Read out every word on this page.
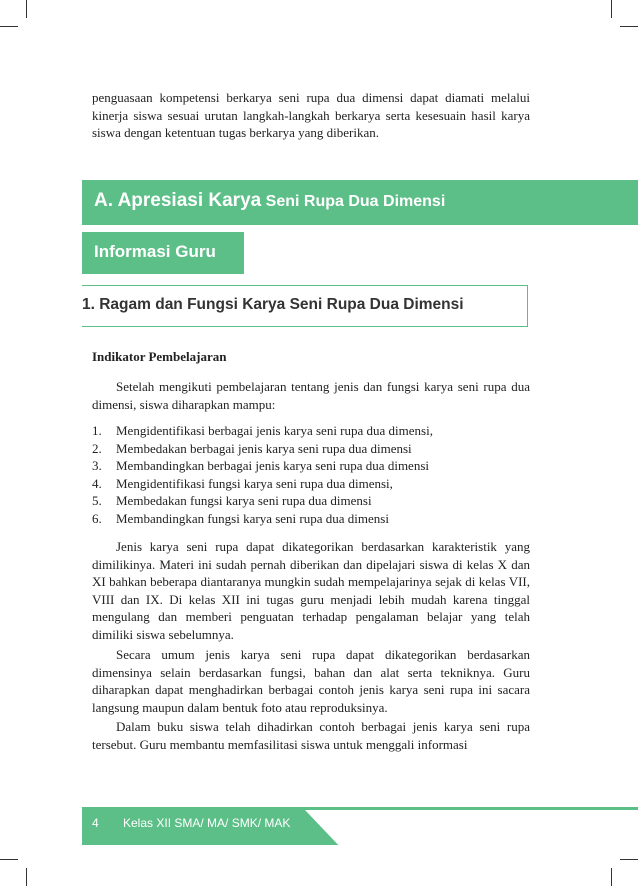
penguasaan kompetensi berkarya seni rupa dua dimensi dapat diamati melalui kinerja siswa sesuai urutan langkah-langkah berkarya serta kesesuain hasil karya siswa dengan ketentuan tugas berkarya yang diberikan.

A. Apresiasi Karya Seni Rupa Dua Dimensi
Informasi Guru
1. Ragam dan Fungsi Karya Seni Rupa Dua Dimensi

Indikator Pembelajaran

Setelah mengikuti pembelajaran tentang jenis dan fungsi karya seni rupa dua dimensi, siswa diharapkan mampu:

1. Mengidentifikasi berbagai jenis karya seni rupa dua dimensi,
2. Membedakan berbagai jenis karya seni rupa dua dimensi
3. Membandingkan berbagai jenis karya seni rupa dua dimensi
4. Mengidentifikasi fungsi karya seni rupa dua dimensi,
5. Membedakan fungsi karya seni rupa dua dimensi
6. Membandingkan fungsi karya seni rupa dua dimensi

Jenis karya seni rupa dapat dikategorikan berdasarkan karakteristik yang dimilikinya. Materi ini sudah pernah diberikan dan dipelajari siswa di kelas X dan XI bahkan beberapa diantaranya mungkin sudah mempelajarinya sejak di kelas VII, VIII dan IX. Di kelas XII ini tugas guru menjadi lebih mudah karena tinggal mengulang dan memberi penguatan terhadap pengalaman belajar yang telah dimiliki siswa sebelumnya.

Secara umum jenis karya seni rupa dapat dikategorikan berdasarkan dimensinya selain berdasarkan fungsi, bahan dan alat serta tekniknya. Guru diharapkan dapat menghadirkan berbagai contoh jenis karya seni rupa ini sacara langsung maupun dalam bentuk foto atau reproduksinya.

Dalam buku siswa telah dihadirkan contoh berbagai jenis karya seni rupa tersebut. Guru membantu memfasilitasi siswa untuk menggali informasi

4 Kelas XII SMA/ MA/ SMK/ MAK
